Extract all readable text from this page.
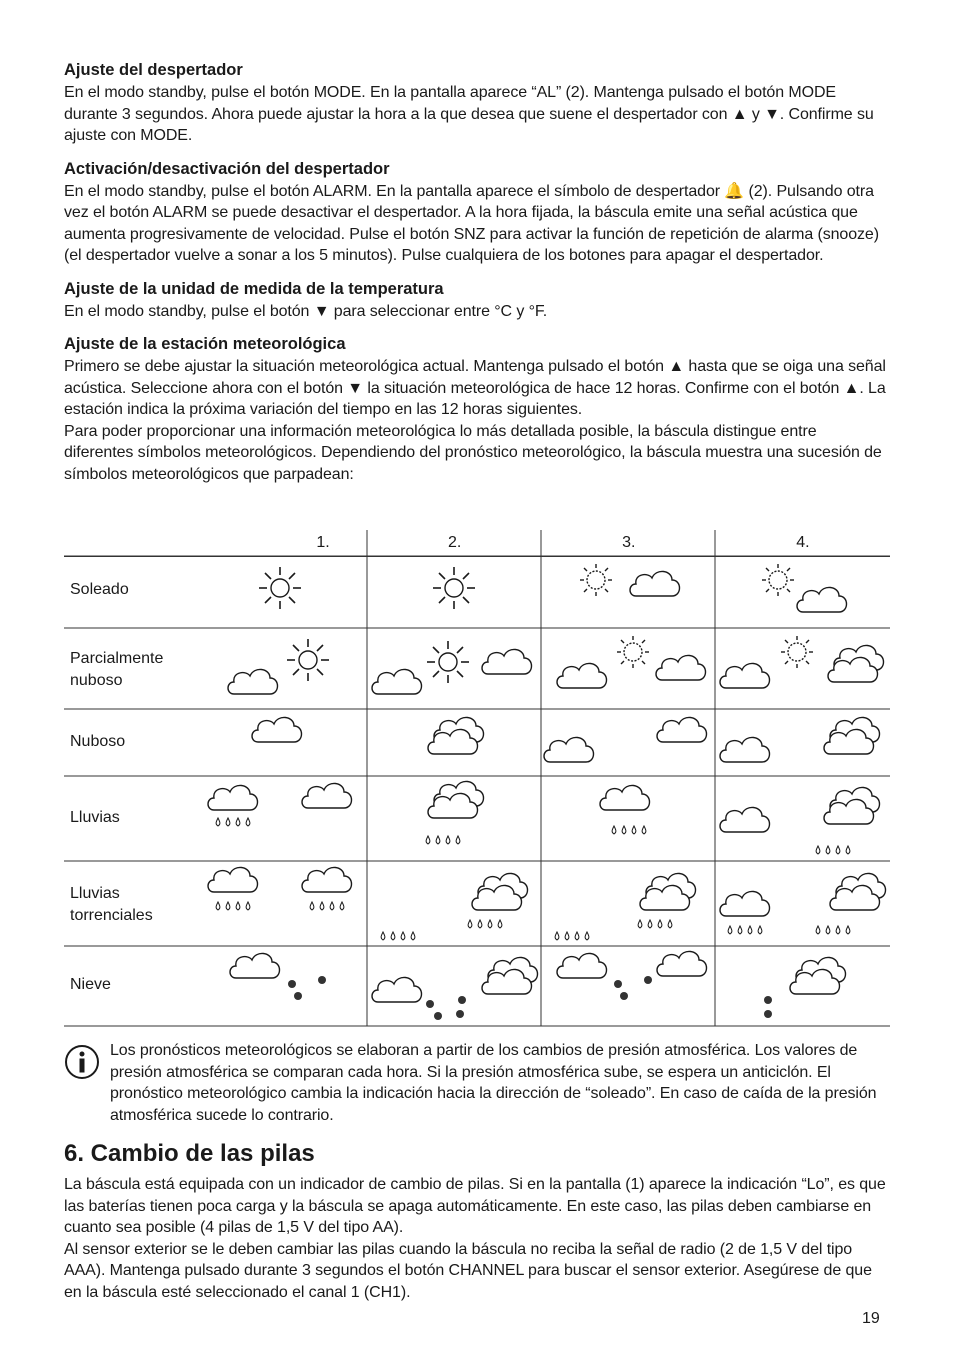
Ajuste del despertador

En el modo standby, pulse el botón MODE. En la pantalla aparece “AL” (2). Mantenga pulsado el botón MODE durante 3 segundos. Ahora puede ajustar la hora a la que desea que suene el despertador con ▲ y ▼. Confirme su ajuste con MODE.

Activación/desactivación del despertador

En el modo standby, pulse el botón ALARM. En la pantalla aparece el símbolo de despertador 🔔 (2). Pulsando otra vez el botón ALARM se puede desactivar el despertador. A la hora fijada, la báscula emite una señal acústica que aumenta progresivamente de velocidad. Pulse el botón SNZ para activar la función de repetición de alarma (snooze) (el despertador vuelve a sonar a los 5 minutos). Pulse cualquiera de los botones para apagar el despertador.

Ajuste de la unidad de medida de la temperatura

En el modo standby, pulse el botón ▼ para seleccionar entre °C y °F.

Ajuste de la estación meteorológica

Primero se debe ajustar la situación meteorológica actual. Mantenga pulsado el botón ▲ hasta que se oiga una señal acústica. Seleccione ahora con el botón ▼ la situación meteorológica de hace 12 horas. Confirme con el botón ▲. La estación indica la próxima variación del tiempo en las 12 horas siguientes.

Para poder proporcionar una información meteorológica lo más detallada posible, la báscula distingue entre diferentes símbolos meteorológicos. Dependiendo del pronóstico meteorológico, la báscula muestra una sucesión de símbolos meteorológicos que parpadean:

	1.	2.	3.	4.
Soleado
Parcialmente nuboso
Nuboso
Lluvias
Lluvias torrenciales
Nieve

Los pronósticos meteorológicos se elaboran a partir de los cambios de presión atmosférica. Los valores de presión atmosférica se comparan cada hora. Si la presión atmosférica sube, se espera un anticiclón. El pronóstico meteorológico cambia la indicación hacia la dirección de “soleado”. En caso de caída de la presión atmosférica sucede lo contrario.

6. Cambio de las pilas

La báscula está equipada con un indicador de cambio de pilas. Si en la pantalla (1) aparece la indicación “Lo”, es que las baterías tienen poca carga y la báscula se apaga automáticamente. En este caso, las pilas deben cambiarse en cuanto sea posible (4 pilas de 1,5 V del tipo AA).

Al sensor exterior se le deben cambiar las pilas cuando la báscula no reciba la señal de radio (2 de 1,5 V del tipo AAA). Mantenga pulsado durante 3 segundos el botón CHANNEL para buscar el sensor exterior. Asegúrese de que en la báscula esté seleccionado el canal 1 (CH1).

19
